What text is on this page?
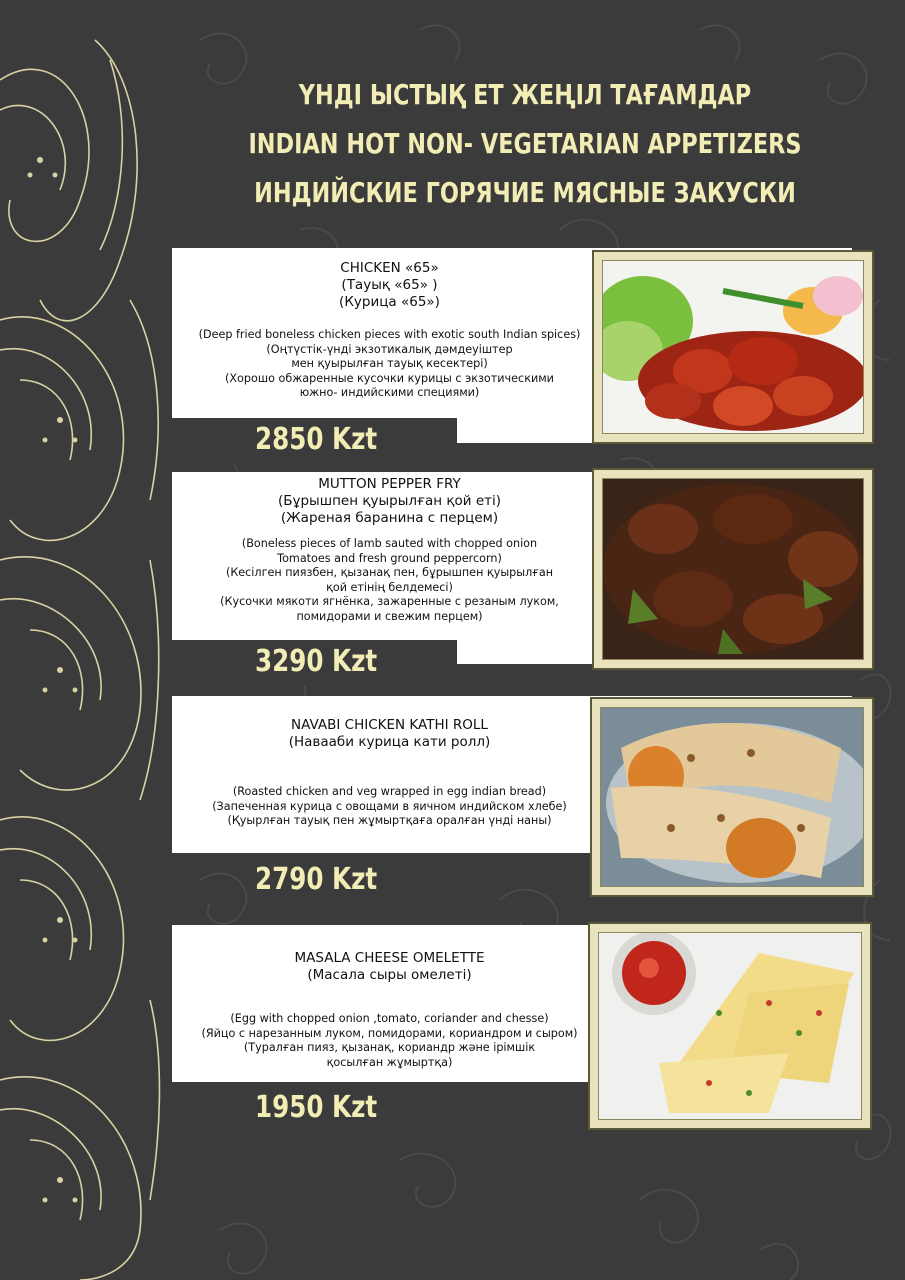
ҮНДІ ЫСТЫҚ ЕТ ЖЕҢІЛ ТАҒАМДАР
INDIAN HOT NON- VEGETARIAN APPETIZERS
ИНДИЙСКИЕ ГОРЯЧИЕ МЯСНЫЕ ЗАКУСКИ
CHICKEN «65»
(Тауық «65» )
(Курица «65»)
(Deep fried boneless chicken pieces with exotic south Indian spices)
(Оңтүстік-үнді экзотикалық дәмдеуіштер
мен қуырылған тауық кесектері)
(Хорошо обжаренные кусочки курицы с экзотическими
южно- индийскими специями)
2850 Kzt
MUTTON PEPPER FRY
(Бұрышпен қуырылған қой еті)
(Жареная баранина с перцем)
(Boneless pieces of lamb sauted with chopped onion
Tomatoes and fresh ground peppercorn)
(Кесілген пиязбен, қызанақ пен, бұрышпен қуырылған
қой етінің белдемесі)
(Кусочки мякоти ягнёнка, зажаренные с резаным луком,
помидорами и свежим перцем)
3290 Kzt
NAVABI CHICKEN KATHI ROLL
(Навааби курица кати ролл)
(Roasted chicken and veg wrapped in egg indian bread)
(Запеченная курица с овощами в яичном индийском хлебе)
(Қуырлған тауық пен жұмыртқаға оралған үнді наны)
2790 Kzt
MASALA CHEESE OMELETTE
(Масала сыры омелеті)
(Egg with chopped onion ,tomato, coriander and chesse)
(Яйцо с нарезанным луком, помидорами, кориандром и сыром)
(Туралған пияз, қызанақ, кориандр және ірімшік
қосылған жұмыртқа)
1950 Kzt
